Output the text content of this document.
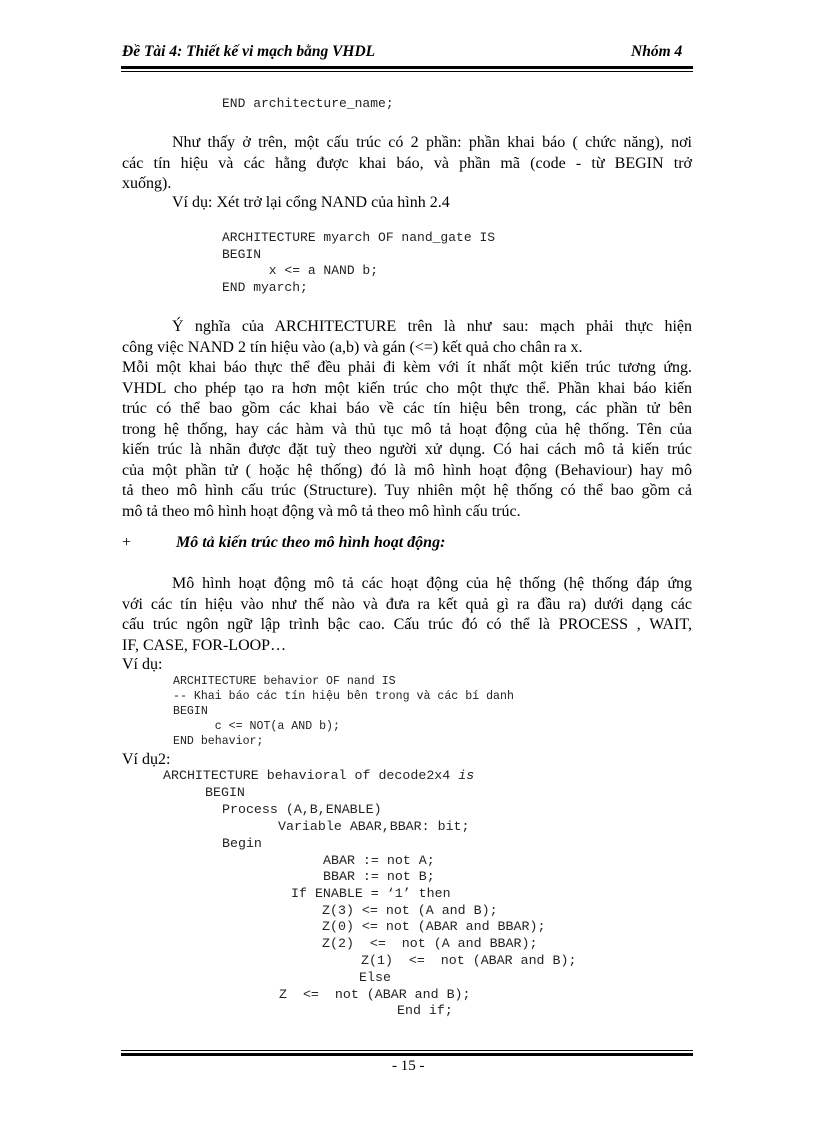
Đề Tài 4: Thiết kế vi mạch bằng VHDL	Nhóm 4
END architecture_name;
Như thấy ở trên, một cấu trúc có 2 phần: phần khai báo ( chức năng), nơi
các tín hiệu và các hằng được khai báo, và phần mã (code - từ BEGIN trở
xuống).
Ví dụ: Xét trở lại cổng NAND của hình 2.4
ARCHITECTURE myarch OF nand_gate IS
BEGIN
x <= a NAND b;
END myarch;
Ý nghĩa của ARCHITECTURE trên là như sau: mạch phải thực hiện
công việc NAND 2 tín hiệu vào (a,b) và gán (<=) kết quả cho chân ra x.
Mỗi một khai báo thực thể đều phải đi kèm với ít nhất một kiến trúc tương ứng.
VHDL cho phép tạo ra hơn một kiến trúc cho một thực thể. Phần khai báo kiến
trúc có thể bao gồm các khai báo về các tín hiệu bên trong, các phần tử bên
trong hệ thống, hay các hàm và thủ tục mô tả hoạt động của hệ thống. Tên của
kiến trúc là nhãn được đặt tuỳ theo người xử dụng. Có hai cách mô tả kiến trúc
của một phần tử ( hoặc hệ thống) đó là mô hình hoạt động (Behaviour) hay mô
tả theo mô hình cấu trúc (Structure). Tuy nhiên một hệ thống có thể bao gồm cả
mô tả theo mô hình hoạt động và mô tả theo mô hình cấu trúc.
+	Mô tả kiến trúc theo mô hình hoạt động:
Mô hình hoạt động mô tả các hoạt động của hệ thống (hệ thống đáp ứng
với các tín hiệu vào như thế nào và đưa ra kết quả gì ra đầu ra) dưới dạng các
cấu trúc ngôn ngữ lập trình bậc cao. Cấu trúc đó có thể là PROCESS , WAIT,
IF, CASE, FOR-LOOP…
Ví dụ:
ARCHITECTURE behavior OF nand IS
-- Khai báo các tín hiệu bên trong và các bí danh
BEGIN
c <= NOT(a AND b);
END behavior;
Ví dụ2:
ARCHITECTURE behavioral of decode2x4 is
BEGIN
Process (A,B,ENABLE)
Variable ABAR,BBAR: bit;
Begin
ABAR := not A;
BBAR := not B;
If ENABLE = ‘1’ then
Z(3) <= not (A and B);
Z(0) <= not (ABAR and BBAR);
Z(2)  <=  not (A and BBAR);
Z(1)  <=  not (ABAR and B);
Else
Z  <=  not (ABAR and B);
End if;
- 15 -
